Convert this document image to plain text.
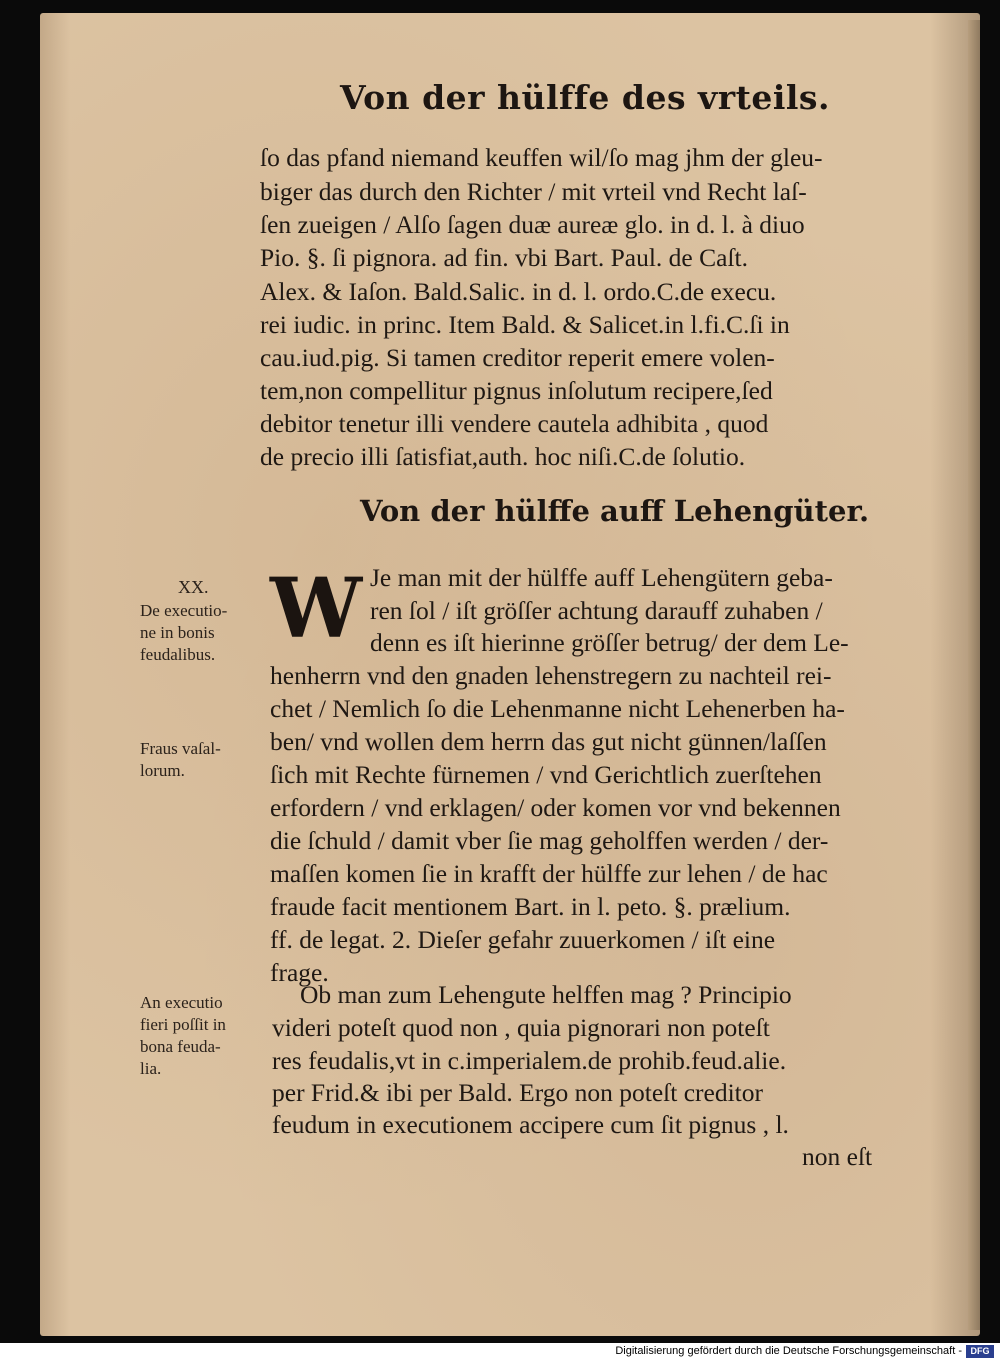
Von der hülffe des vrteils.
ſo das pfand niemand keuffen wil/ſo mag jhm der gleu-
biger das durch den Richter / mit vrteil vnd Recht laſ-
ſen zueigen / Alſo ſagen duæ aureæ glo. in d. l. à diuo
Pio. §. ſi pignora. ad fin. vbi Bart. Paul. de Caſt.
Alex. & Iaſon. Bald.Salic. in d. l. ordo.C.de execu.
rei iudic. in princ. Item Bald. & Salicet.in l.fi.C.ſi in
cau.iud.pig. Si tamen creditor reperit emere volen-
tem,non compellitur pignus inſolutum recipere,ſed
debitor tenetur illi vendere cautela adhibita , quod
de precio illi ſatisfiat,auth. hoc niſi.C.de ſolutio.
Von der hülffe auff Lehengüter.
XX.
De executio-
ne in bonis
feudalibus. W Je man mit der hülffe auff Lehengütern geba-
ren ſol / iſt gröſſer achtung darauff zuhaben /
denn es iſt hierinne gröſſer betrug/ der dem Le-
henherrn vnd den gnaden lehenstregern zu nachteil rei-
chet / Nemlich ſo die Lehenmanne nicht Lehenerben ha-
ben/ vnd wollen dem herrn das gut nicht günnen/laſſen
ſich mit Rechte fürnemen / vnd Gerichtlich zuerſtehen
erfordern / vnd erklagen/ oder komen vor vnd bekennen
die ſchuld / damit vber ſie mag geholffen werden / der-
maſſen komen ſie in krafft der hülffe zur lehen / de hac
fraude facit mentionem Bart. in l. peto. §. prælium.
ff. de legat. 2. Dieſer gefahr zuuerkomen / iſt eine
frage.
Fraus vaſal-
lorum.
Ob man zum Lehengute helffen mag ? Principio
videri poteſt quod non , quia pignorari non poteſt
res feudalis,vt in c.imperialem.de prohib.feud.alie.
per Frid.& ibi per Bald. Ergo non poteſt creditor
feudum in executionem accipere cum ſit pignus , l.
An executio
fieri poſſit in
bona feuda-
lia.
non eſt
Digitalisierung gefördert durch die Deutsche Forschungsgemeinschaft - DFG
